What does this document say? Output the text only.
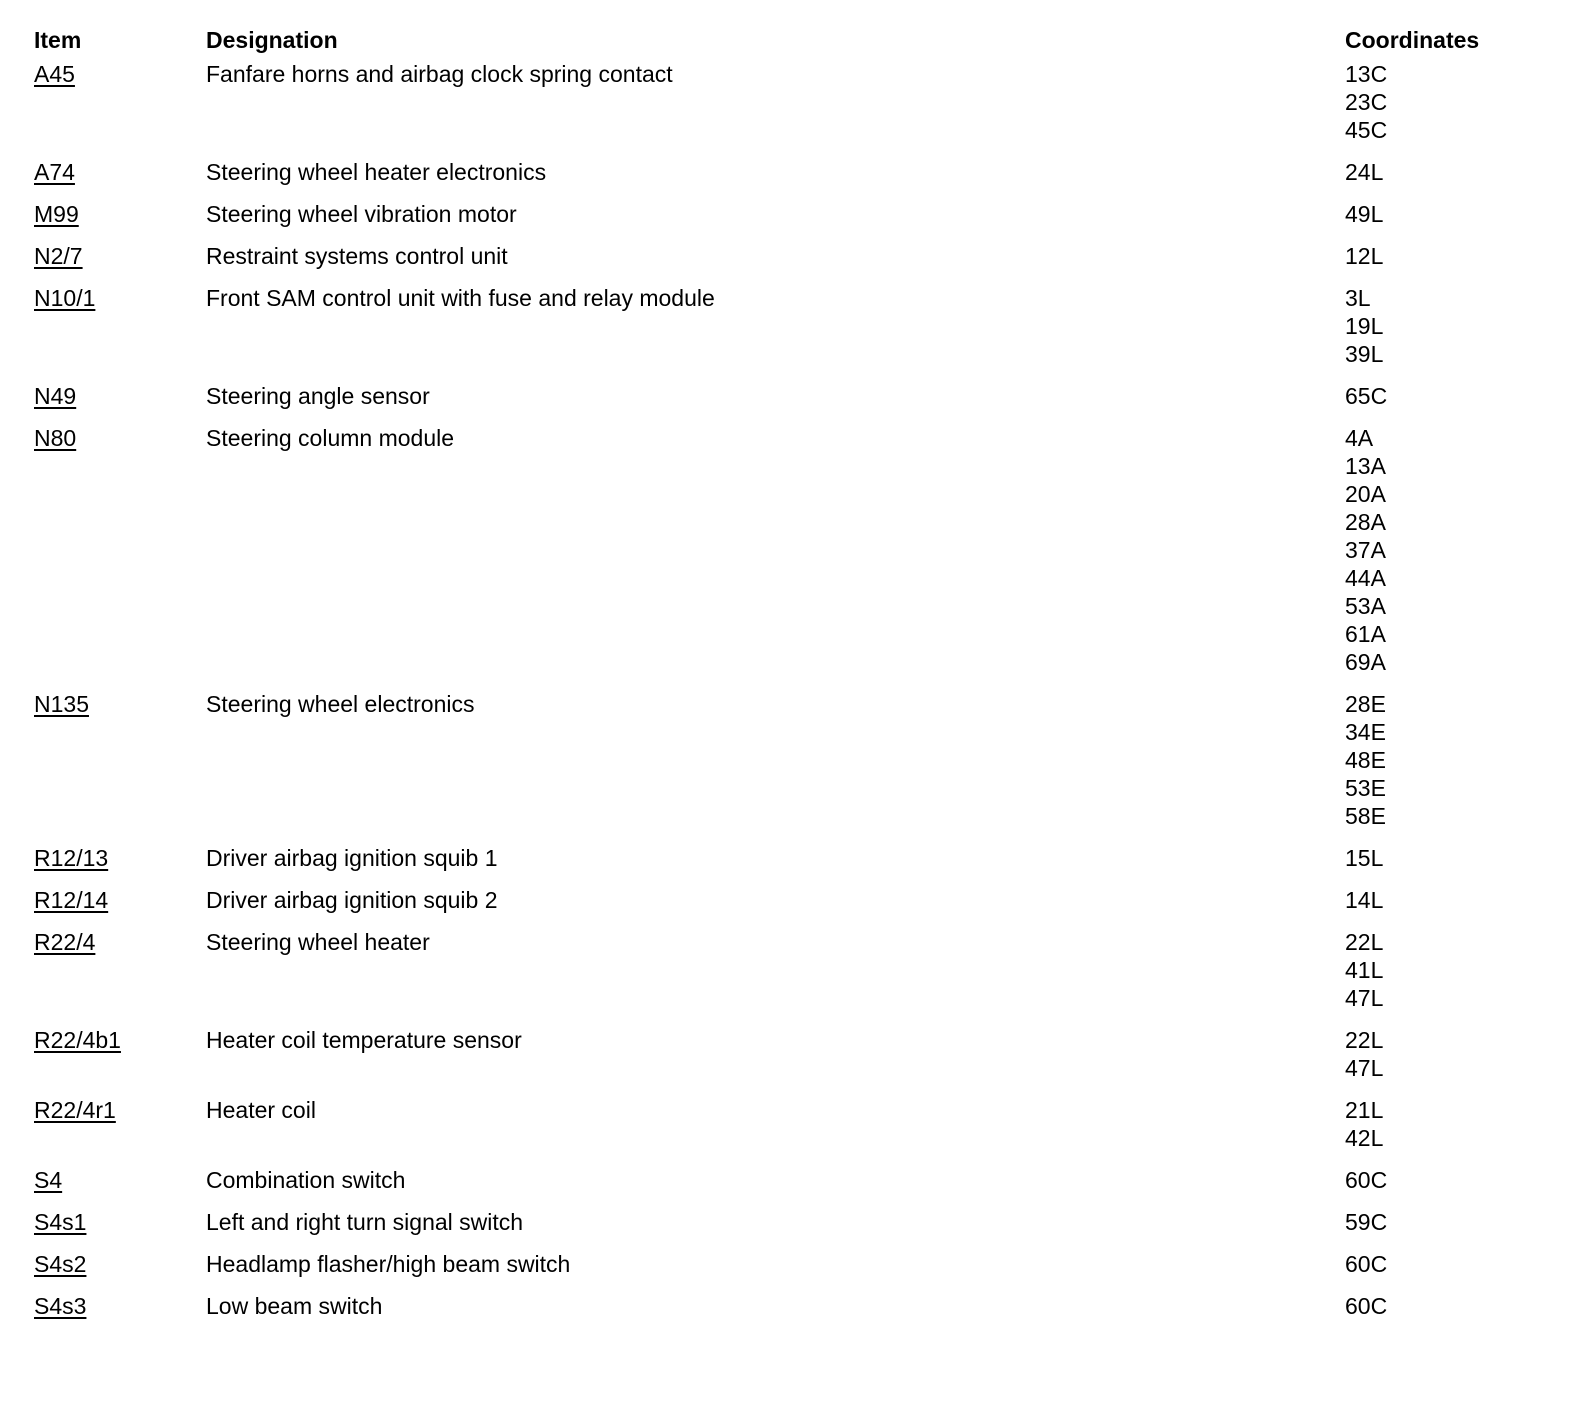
Item	Designation	Coordinates
A45	Fanfare horns and airbag clock spring contact	13C
23C
45C
A74	Steering wheel heater electronics	24L
M99	Steering wheel vibration motor	49L
N2/7	Restraint systems control unit	12L
N10/1	Front SAM control unit with fuse and relay module	3L
19L
39L
N49	Steering angle sensor	65C
N80	Steering column module	4A
13A
20A
28A
37A
44A
53A
61A
69A
N135	Steering wheel electronics	28E
34E
48E
53E
58E
R12/13	Driver airbag ignition squib 1	15L
R12/14	Driver airbag ignition squib 2	14L
R22/4	Steering wheel heater	22L
41L
47L
R22/4b1	Heater coil temperature sensor	22L
47L
R22/4r1	Heater coil	21L
42L
S4	Combination switch	60C
S4s1	Left and right turn signal switch	59C
S4s2	Headlamp flasher/high beam switch	60C
S4s3	Low beam switch	60C
